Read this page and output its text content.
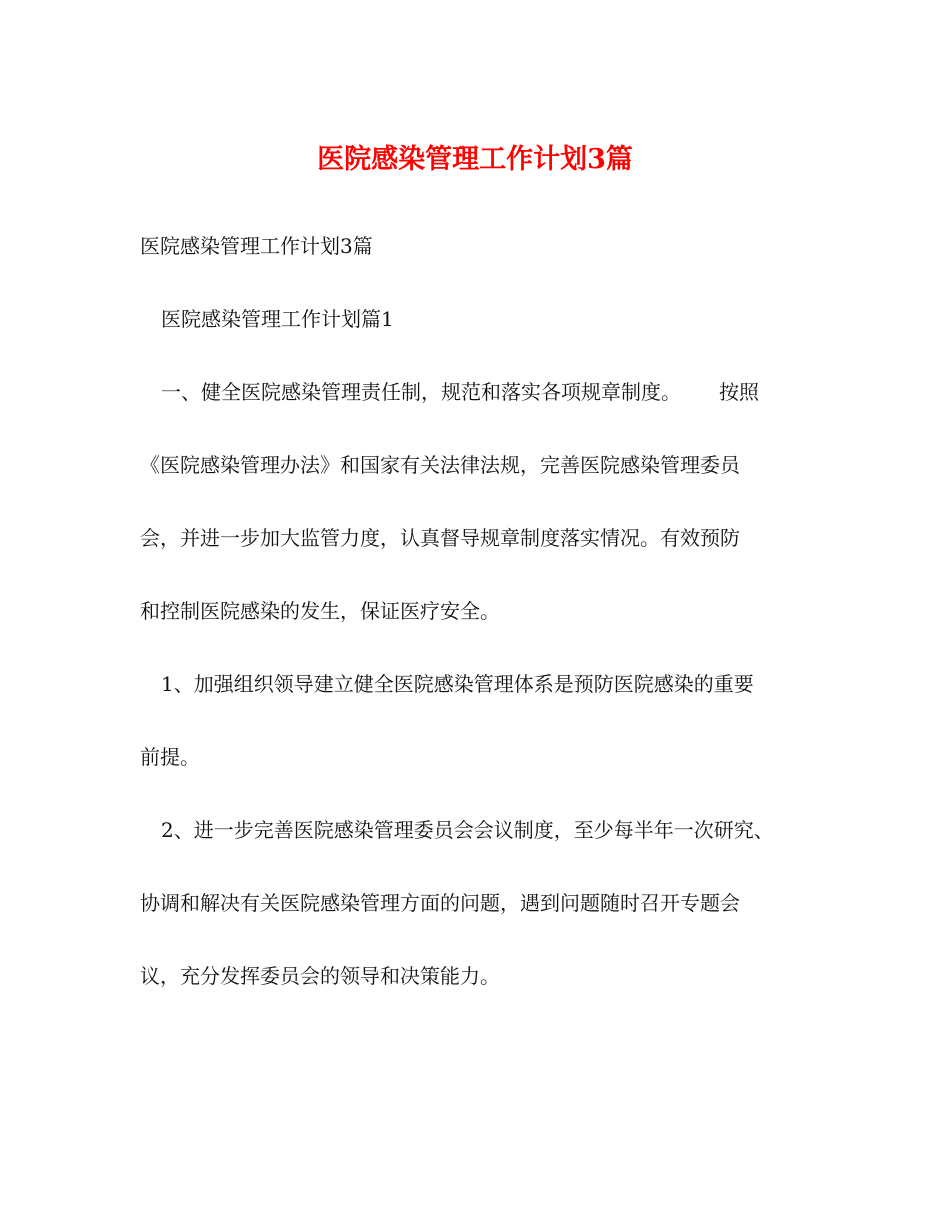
医院感染管理工作计划3篇
医院感染管理工作计划3篇
医院感染管理工作计划篇1
一、健全医院感染管理责任制，规范和落实各项规章制度。 按照
《医院感染管理办法》和国家有关法律法规，完善医院感染管理委员
会，并进一步加大监管力度，认真督导规章制度落实情况。有效预防
和控制医院感染的发生，保证医疗安全。
1、加强组织领导建立健全医院感染管理体系是预防医院感染的重要
前提。
2、进一步完善医院感染管理委员会会议制度，至少每半年一次研究、
协调和解决有关医院感染管理方面的问题，遇到问题随时召开专题会
议，充分发挥委员会的领导和决策能力。
